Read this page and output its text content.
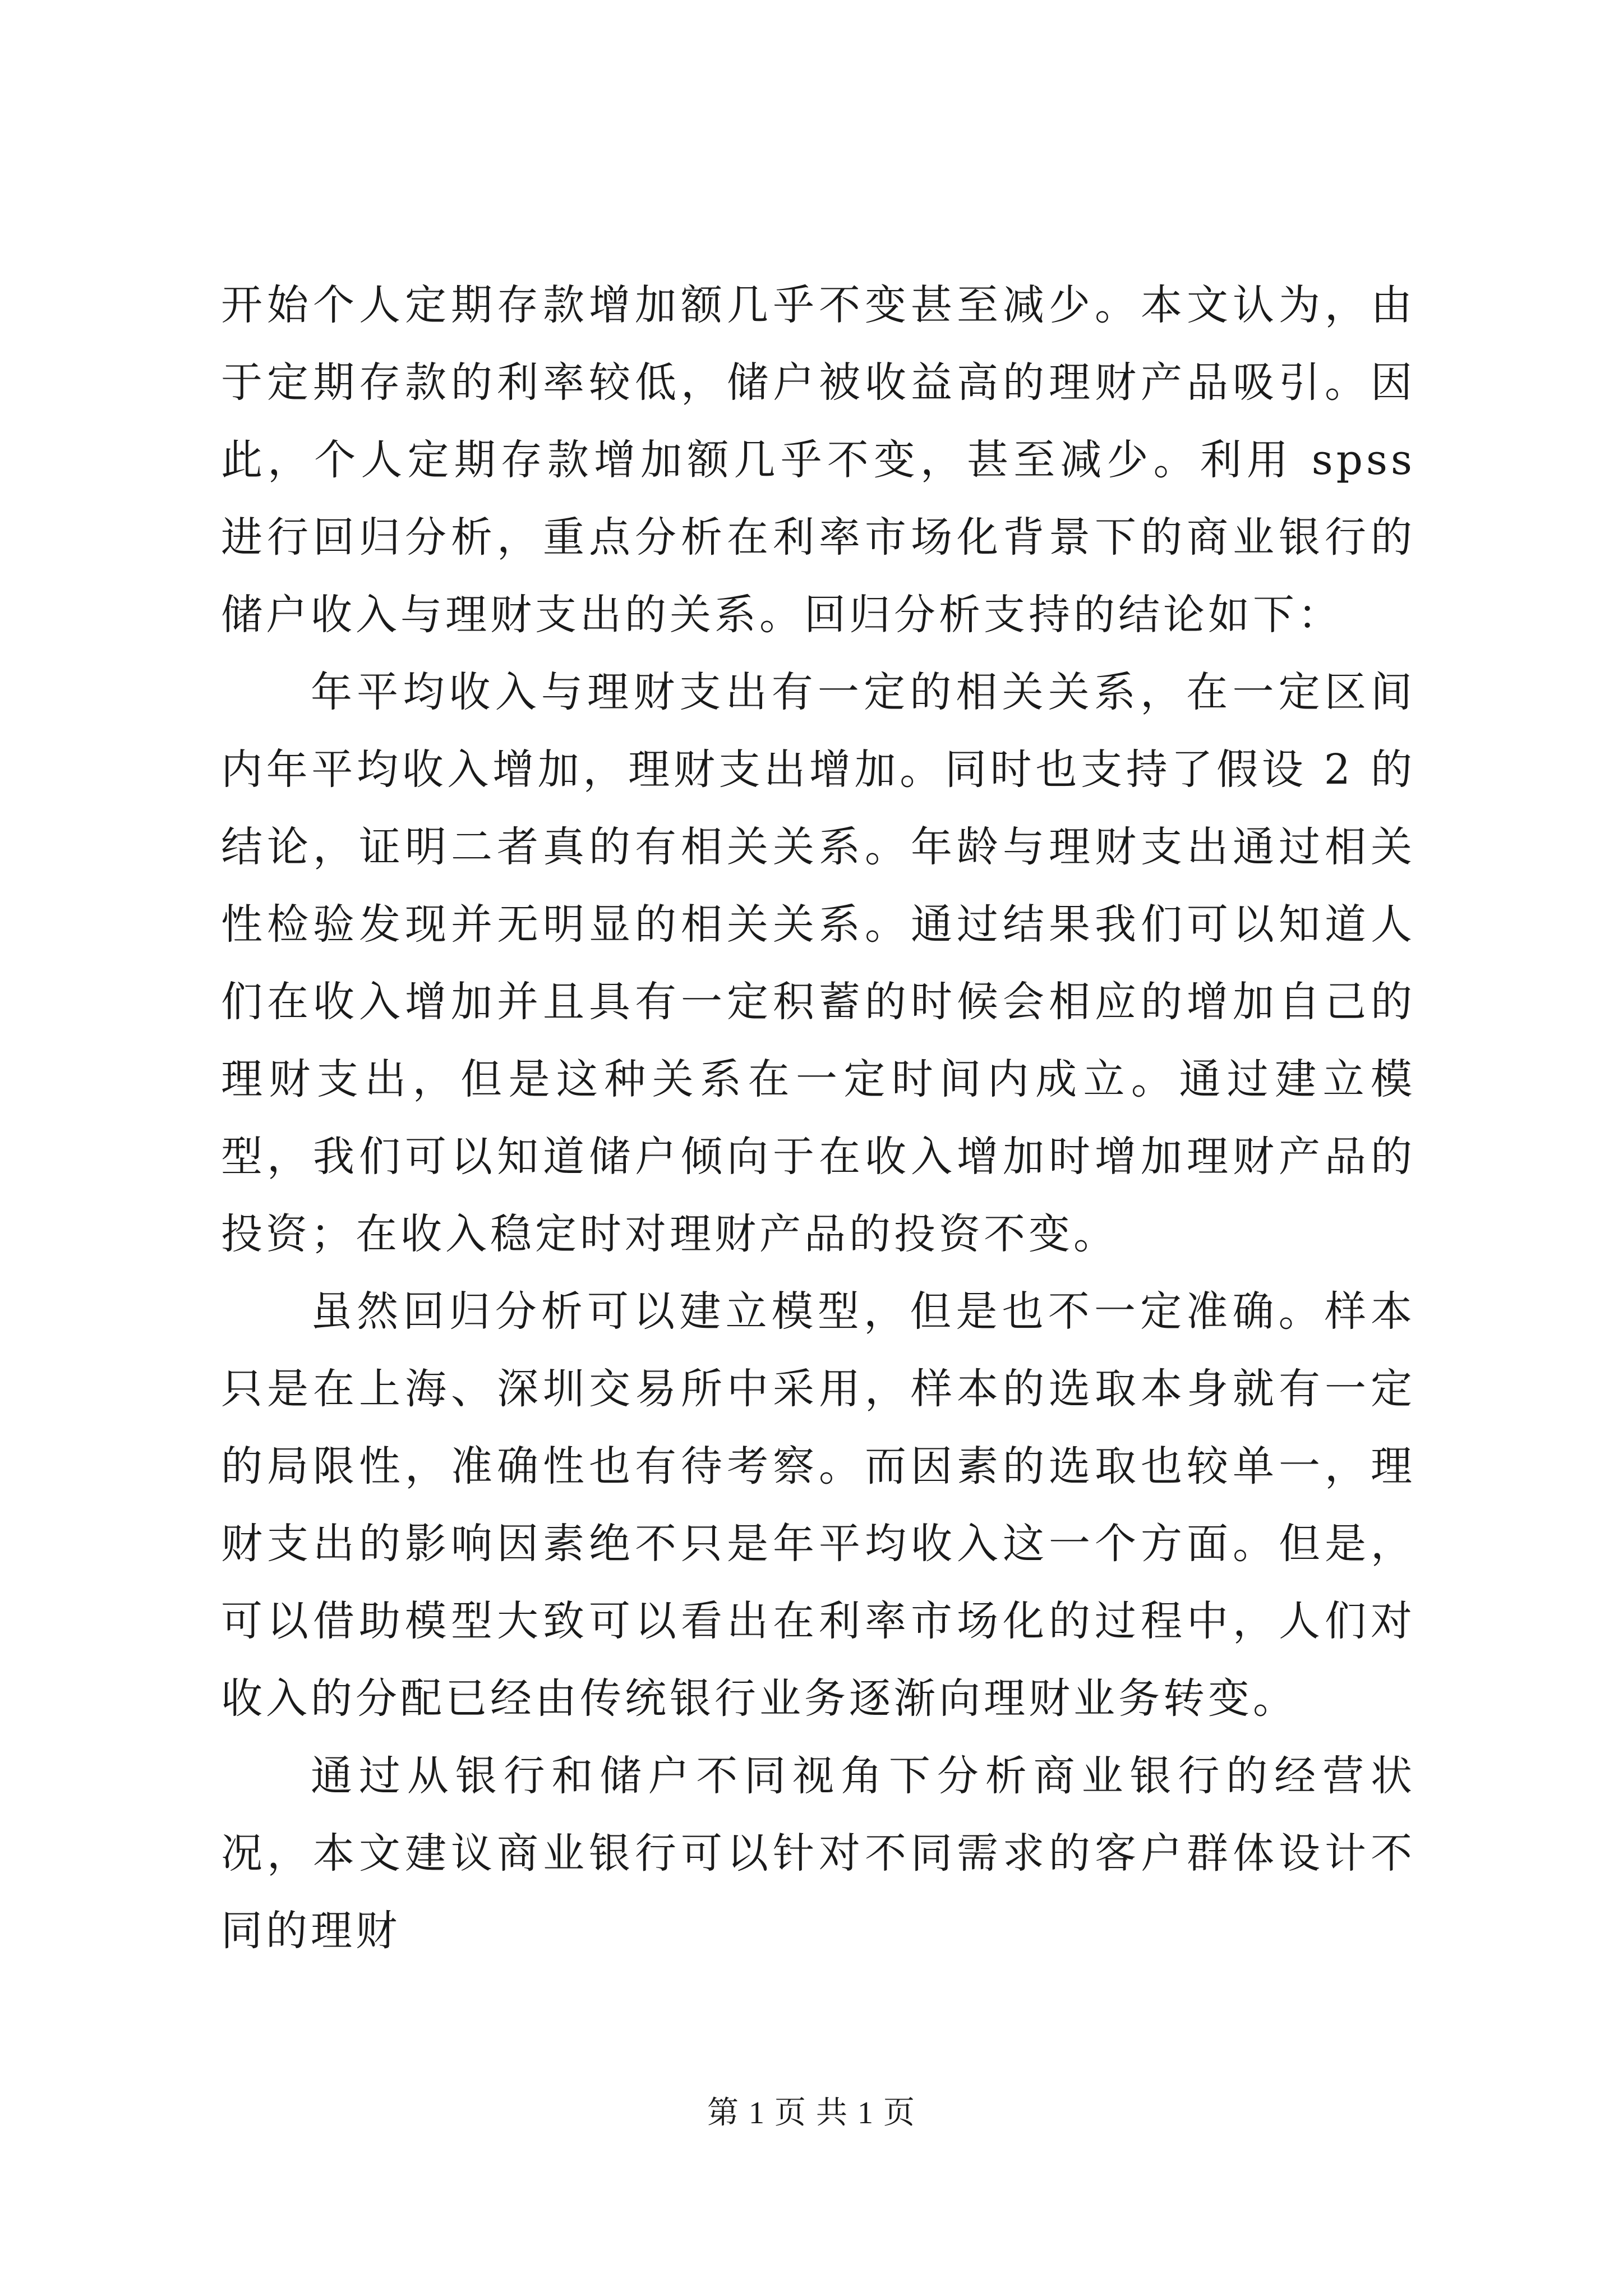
开始个人定期存款增加额几乎不变甚至减少。本文认为，由于定期存款的利率较低，储户被收益高的理财产品吸引。因此，个人定期存款增加额几乎不变，甚至减少。利用 spss 进行回归分析，重点分析在利率市场化背景下的商业银行的储户收入与理财支出的关系。回归分析支持的结论如下：

年平均收入与理财支出有一定的相关关系，在一定区间内年平均收入增加，理财支出增加。同时也支持了假设 2 的结论，证明二者真的有相关关系。年龄与理财支出通过相关性检验发现并无明显的相关关系。通过结果我们可以知道人们在收入增加并且具有一定积蓄的时候会相应的增加自己的理财支出，但是这种关系在一定时间内成立。通过建立模型，我们可以知道储户倾向于在收入增加时增加理财产品的投资；在收入稳定时对理财产品的投资不变。

虽然回归分析可以建立模型，但是也不一定准确。样本只是在上海、深圳交易所中采用，样本的选取本身就有一定的局限性，准确性也有待考察。而因素的选取也较单一，理财支出的影响因素绝不只是年平均收入这一个方面。但是，可以借助模型大致可以看出在利率市场化的过程中，人们对收入的分配已经由传统银行业务逐渐向理财业务转变。

通过从银行和储户不同视角下分析商业银行的经营状况，本文建议商业银行可以针对不同需求的客户群体设计不同的理财

第 1 页 共 1 页
